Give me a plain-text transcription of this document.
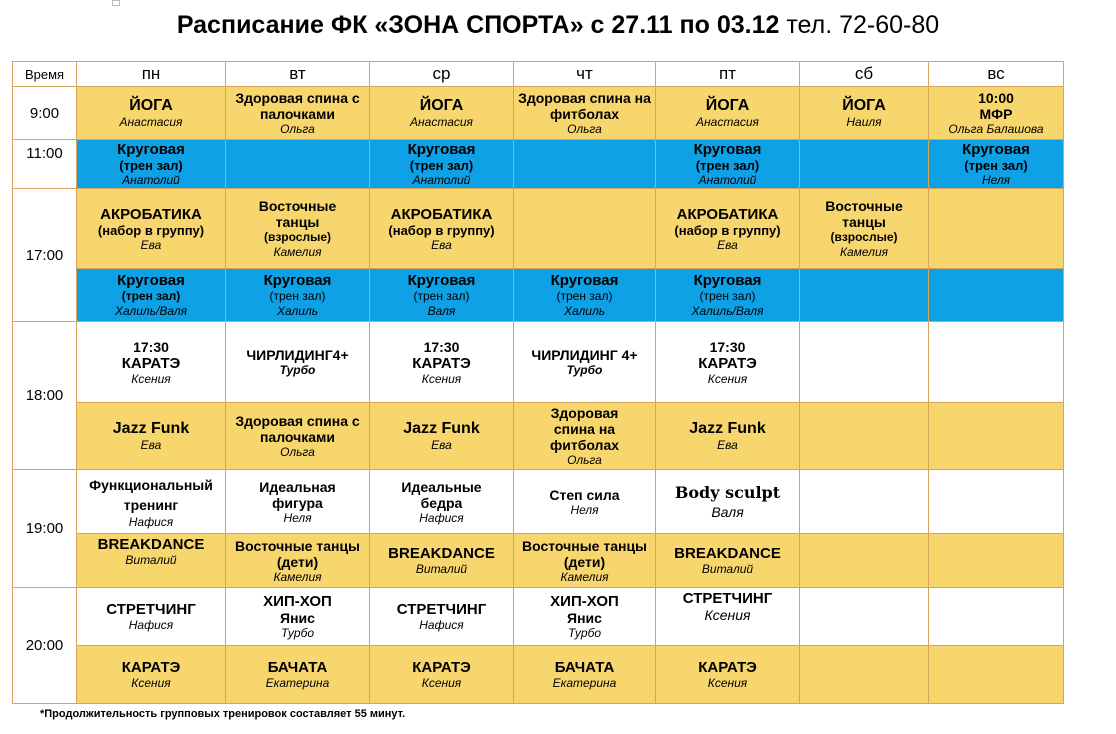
Расписание ФК «ЗОНА СПОРТА» с 27.11 по 03.12 тел. 72-60-80
Время	пн	вт	ср	чт	пт	сб	вс
9:00	ЙОГА
Анастасия	Здоровая спина с палочками
Ольга	ЙОГА
Анастасия	Здоровая спина на фитболах
Ольга	ЙОГА
Анастасия	ЙОГА
Наиля	10:00
МФР
Ольга Балашова

11:00	Круговая
(трен зал)
Анатолий		Круговая
(трен зал)
Анатолий		Круговая
(трен зал)
Анатолий		Круговая
(трен зал)
Неля

17:00	АКРОБАТИКА
(набор в группу)
Ева	Восточные танцы
(взрослые)
Камелия	АКРОБАТИКА
(набор в группу)
Ева		АКРОБАТИКА
(набор в группу)
Ева	Восточные танцы
(взрослые)
Камелия	

	Круговая
(трен зал)
Халиль/Валя	Круговая
(трен зал)
Халиль	Круговая
(трен зал)
Валя	Круговая
(трен зал)
Халиль	Круговая
(трен зал)
Халиль/Валя		

18:00	17:30
КАРАТЭ
Ксения	ЧИРЛИДИНГ4+
Турбо	17:30
КАРАТЭ
Ксения	ЧИРЛИДИНГ 4+
Турбо	17:30
КАРАТЭ
Ксения		

	Jazz Funk
Ева	Здоровая спина с палочками
Ольга	Jazz Funk
Ева	Здоровая спина на фитболах
Ольга	Jazz Funk
Ева		

19:00	Функциональный тренинг
Нафися	Идеальная фигура
Неля	Идеальные бедра
Нафися	Степ сила
Неля	Body sculpt
Валя		

	BREAKDANCE
Виталий	Восточные танцы (дети)
Камелия	BREAKDANCE
Виталий	Восточные танцы (дети)
Камелия	BREAKDANCE
Виталий		

20:00	СТРЕТЧИНГ
Нафися	ХИП-ХОП
Янис
Турбо	СТРЕТЧИНГ
Нафися	ХИП-ХОП
Янис
Турбо	СТРЕТЧИНГ
Ксения		

	КАРАТЭ
Ксения	БАЧАТА
Екатерина	КАРАТЭ
Ксения	БАЧАТА
Екатерина	КАРАТЭ
Ксения		

*Продолжительность групповых тренировок составляет 55 минут.
